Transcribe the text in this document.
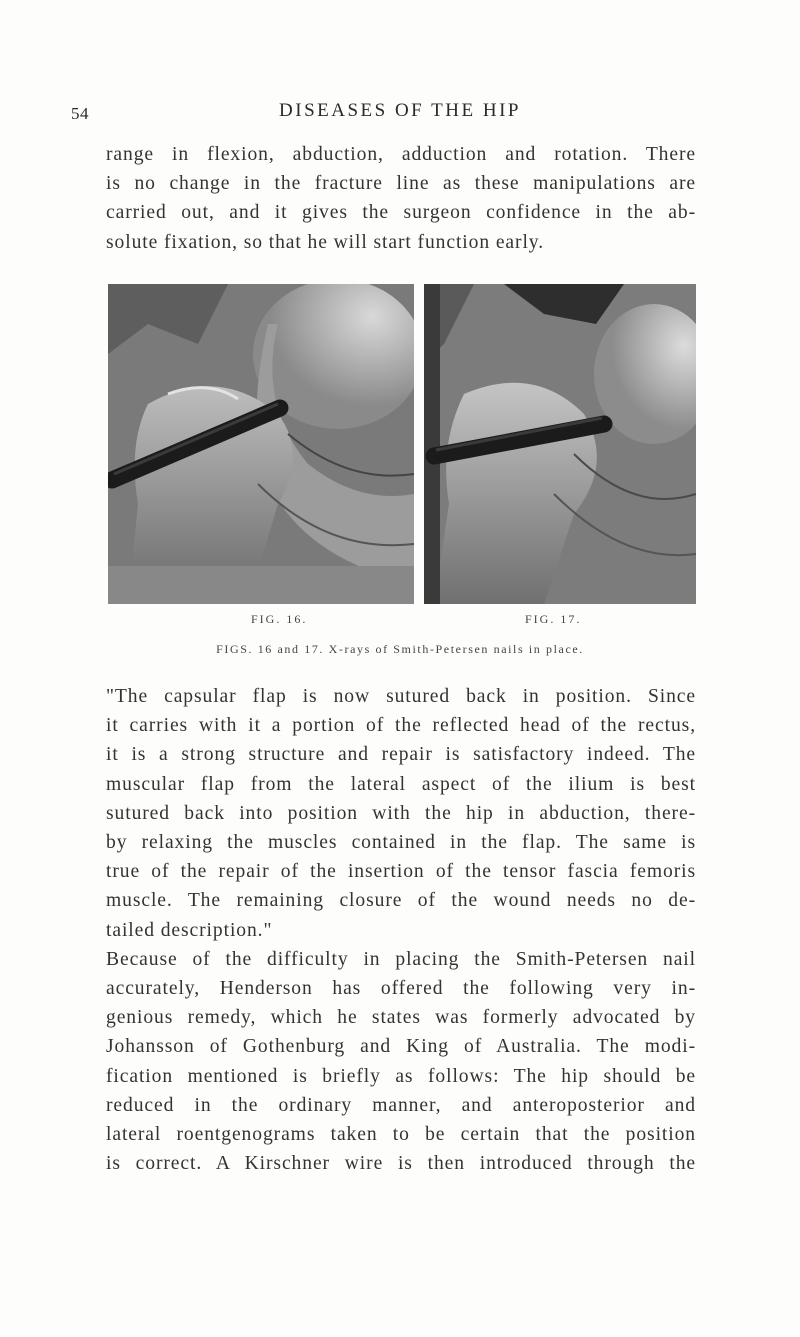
54	DISEASES OF THE HIP
range in flexion, abduction, adduction and rotation. There
is no change in the fracture line as these manipulations are
carried out, and it gives the surgeon confidence in the ab-
solute fixation, so that he will start function early.
FIG. 16.	FIG. 17.
FIGS. 16 and 17. X-rays of Smith-Petersen nails in place.
"The capsular flap is now sutured back in position. Since
it carries with it a portion of the reflected head of the rectus,
it is a strong structure and repair is satisfactory indeed. The
muscular flap from the lateral aspect of the ilium is best
sutured back into position with the hip in abduction, there-
by relaxing the muscles contained in the flap. The same is
true of the repair of the insertion of the tensor fascia femoris
muscle. The remaining closure of the wound needs no de-
tailed description."
Because of the difficulty in placing the Smith-Petersen nail
accurately, Henderson has offered the following very in-
genious remedy, which he states was formerly advocated by
Johansson of Gothenburg and King of Australia. The modi-
fication mentioned is briefly as follows: The hip should be
reduced in the ordinary manner, and anteroposterior and
lateral roentgenograms taken to be certain that the position
is correct. A Kirschner wire is then introduced through the
